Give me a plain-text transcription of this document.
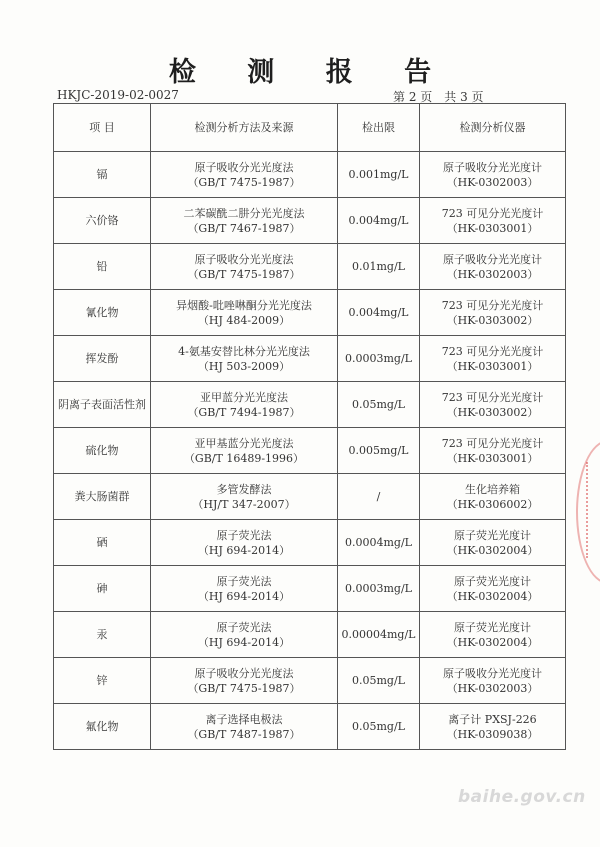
检 测 报 告
HKJC-2019-02-0027	第 2 页 共 3 页
项 目	检测分析方法及来源	检出限	检测分析仪器
镉	原子吸收分光光度法
（GB/T 7475-1987）	0.001mg/L	原子吸收分光光度计
（HK-0302003）

六价铬	二苯碳酰二肼分光光度法
（GB/T 7467-1987）	0.004mg/L	723 可见分光光度计
（HK-0303001）

铅	原子吸收分光光度法
（GB/T 7475-1987）	0.01mg/L	原子吸收分光光度计
（HK-0302003）

氰化物	异烟酸-吡唑啉酮分光光度法
（HJ 484-2009）	0.004mg/L	723 可见分光光度计
（HK-0303002）

挥发酚	4-氨基安替比林分光光度法
（HJ 503-2009）	0.0003mg/L	723 可见分光光度计
（HK-0303001）

阴离子表面活性剂	亚甲蓝分光光度法
（GB/T 7494-1987）	0.05mg/L	723 可见分光光度计
（HK-0303002）

硫化物	亚甲基蓝分光光度法
（GB/T 16489-1996）	0.005mg/L	723 可见分光光度计
（HK-0303001）

粪大肠菌群	多管发酵法
（HJ/T 347-2007）	/	生化培养箱
（HK-0306002）

硒	原子荧光法
（HJ 694-2014）	0.0004mg/L	原子荧光光度计
（HK-0302004）

砷	原子荧光法
（HJ 694-2014）	0.0003mg/L	原子荧光光度计
（HK-0302004）

汞	原子荧光法
（HJ 694-2014）	0.00004mg/L	原子荧光光度计
（HK-0302004）

锌	原子吸收分光光度法
（GB/T 7475-1987）	0.05mg/L	原子吸收分光光度计
（HK-0302003）

氟化物	离子选择电极法
（GB/T 7487-1987）	0.05mg/L	离子计 PXSJ-226
（HK-0309038）
baihe.gov.cn
